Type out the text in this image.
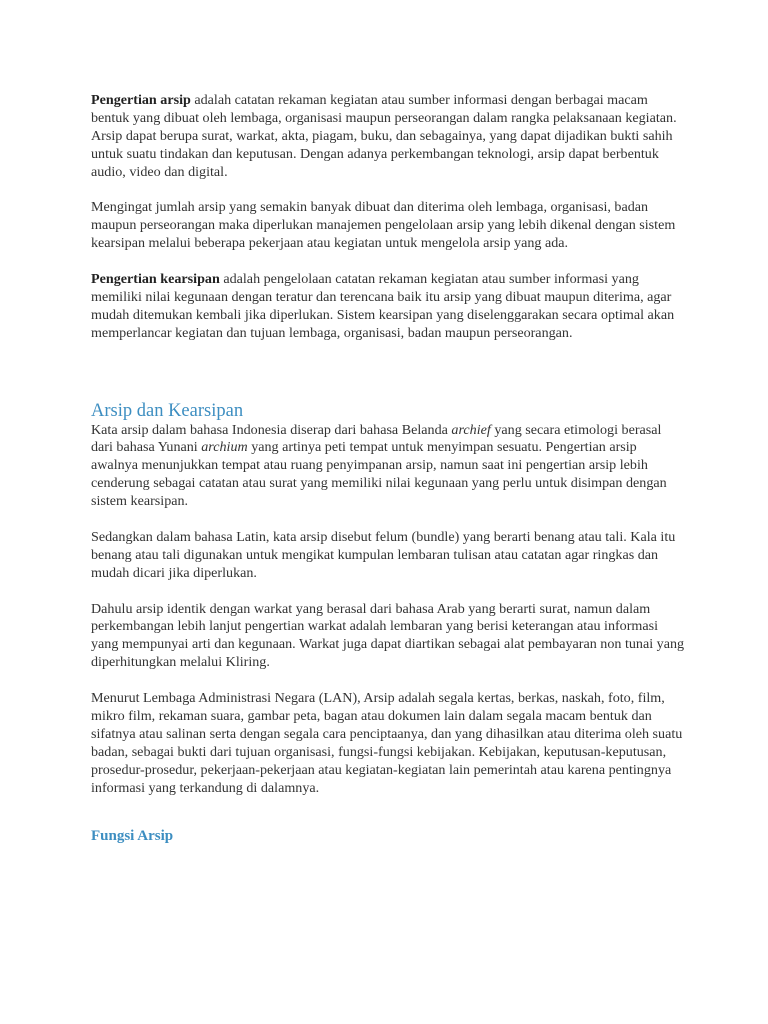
Pengertian arsip adalah catatan rekaman kegiatan atau sumber informasi dengan berbagai macam bentuk yang dibuat oleh lembaga, organisasi maupun perseorangan dalam rangka pelaksanaan kegiatan. Arsip dapat berupa surat, warkat, akta, piagam, buku, dan sebagainya, yang dapat dijadikan bukti sahih untuk suatu tindakan dan keputusan. Dengan adanya perkembangan teknologi, arsip dapat berbentuk audio, video dan digital.

Mengingat jumlah arsip yang semakin banyak dibuat dan diterima oleh lembaga, organisasi, badan maupun perseorangan maka diperlukan manajemen pengelolaan arsip yang lebih dikenal dengan sistem kearsipan melalui beberapa pekerjaan atau kegiatan untuk mengelola arsip yang ada.

Pengertian kearsipan adalah pengelolaan catatan rekaman kegiatan atau sumber informasi yang memiliki nilai kegunaan dengan teratur dan terencana baik itu arsip yang dibuat maupun diterima, agar mudah ditemukan kembali jika diperlukan. Sistem kearsipan yang diselenggarakan secara optimal akan memperlancar kegiatan dan tujuan lembaga, organisasi, badan maupun perseorangan.

Arsip dan Kearsipan

Kata arsip dalam bahasa Indonesia diserap dari bahasa Belanda archief yang secara etimologi berasal dari bahasa Yunani archium yang artinya peti tempat untuk menyimpan sesuatu. Pengertian arsip awalnya menunjukkan tempat atau ruang penyimpanan arsip, namun saat ini pengertian arsip lebih cenderung sebagai catatan atau surat yang memiliki nilai kegunaan yang perlu untuk disimpan dengan sistem kearsipan.

Sedangkan dalam bahasa Latin, kata arsip disebut felum (bundle) yang berarti benang atau tali. Kala itu benang atau tali digunakan untuk mengikat kumpulan lembaran tulisan atau catatan agar ringkas dan mudah dicari jika diperlukan.

Dahulu arsip identik dengan warkat yang berasal dari bahasa Arab yang berarti surat, namun dalam perkembangan lebih lanjut pengertian warkat adalah lembaran yang berisi keterangan atau informasi yang mempunyai arti dan kegunaan. Warkat juga dapat diartikan sebagai alat pembayaran non tunai yang diperhitungkan melalui Kliring.

Menurut Lembaga Administrasi Negara (LAN), Arsip adalah segala kertas, berkas, naskah, foto, film, mikro film, rekaman suara, gambar peta, bagan atau dokumen lain dalam segala macam bentuk dan sifatnya atau salinan serta dengan segala cara penciptaanya, dan yang dihasilkan atau diterima oleh suatu badan, sebagai bukti dari tujuan organisasi, fungsi-fungsi kebijakan. Kebijakan, keputusan-keputusan, prosedur-prosedur, pekerjaan-pekerjaan atau kegiatan-kegiatan lain pemerintah atau karena pentingnya informasi yang terkandung di dalamnya.

Fungsi Arsip
